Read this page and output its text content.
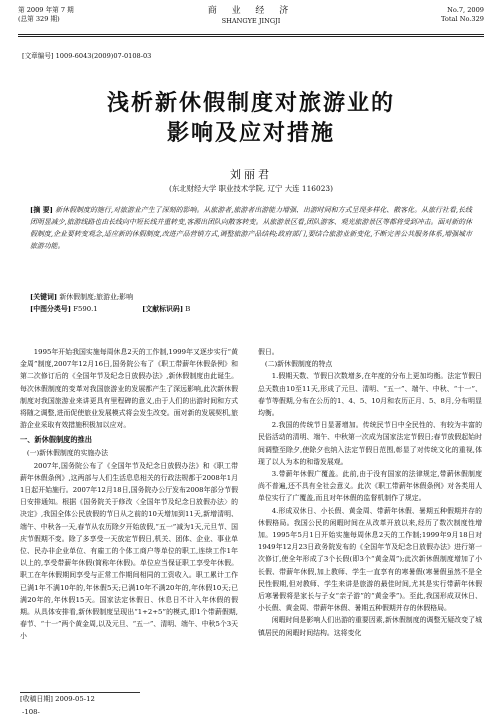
第 2009 年第 7 期
(总第 329 期)
商 业 经 济
SHANGYE JINGJI
No.7, 2009
Total No.329
[文章编号] 1009-6043(2009)07-0108-03
浅析新休假制度对旅游业的
影响及应对措施
刘丽君
(东北财经大学 职业技术学院, 辽宁 大连 116023)
[摘 要] 新休假制度的施行,对旅游业产生了深刻的影响。从旅游者,旅游者出游能力增强、出游时间和方式呈现多样化、散客化。从旅行社看,长线团明显减少,旅游线路也由长线向中短长线并重转变,客源出团队向散客转变。从旅游景区看,团队游客、观光旅游景区等都将受到冲击。面对新的休假制度,企业要转变观念,适应新的休假制度,改进产品营销方式,调整旅游产品结构;政府部门,要结合旅游业新变化,不断完善公共服务体系,增强城市旅游功能。
[关键词] 新休假制度;旅游业;影响
[中图分类号] F590.1	[文献标识码] B

1995年开始我国实施每周休息2天的工作制,1999年又逐步实行“黄金周”制度,2007年12月16日,国务院公布了《职工带薪年休假条例》和第二次修订后的《全国年节及纪念日放假办法》,新休假制度由此诞生。每次休假制度的变革对我国旅游业的发展都产生了深远影响,此次新休假制度对我国旅游业来讲更具有里程碑的意义,由于人们的出游时间和方式将随之调整,进而促使旅业发展模式将会发生改变。面对新的发展契机,旅游企业采取有效措施积极加以应对。

一、新休假制度的推出
(一)新休假制度的实施办法

2007年,国务院公布了《全国年节及纪念日放假办法》和《职工带薪年休假条例》,这两部与人们生活息息相关的行政法规都于2008年1月1日起开始施行。2007年12月18日,国务院办公厅发布2008年部分节假日安排通知。根据《国务院关于修改〈全国年节及纪念日放假办法〉的决定》,我国全体公民放假的节日从之前的10天增加到11天,新增清明、端午、中秋各一天,春节从农历除夕开始放假,“五一”减为1天,元旦节、国庆节假期不变。除了多享受一天放定节假日,机关、团体、企业、事业单位、民办非企业单位、有雇工的个体工商户等单位的职工,连续工作1年以上的,享受带薪年休假(简称年休假)。单位应当保证职工享受年休假。职工在年休假期间享受与正常工作期间相同的工资收入。职工累计工作已满1年不满10年的,年休假5天;已满10年不满20年的,年休假10天;已满20年的,年休假15天。国家法定休假日、休息日不计入年休假的假期。从具体安排看,新休假制度呈现出“1+2+5”的模式,即1个带薪假期,春节、“十一”两个黄金周,以及元旦、“五一”、清明、端午、中秋5个3天小

[收稿日期] 2009-05-12
-108-

假日。

(二)新休假制度的特点

1.假期天数、节假日次数增多,在年度的分布上更加均衡。法定节假日总天数由10至11天,形成了元旦、清明、“五一”、端午、中秋、“十一”、春节等假期,分布在公历的1、4、5、10月和农历正月、5、8月,分布明显均衡。

2.我国的传统节日显著增加。传统民节日中全民性的、有较为丰富的民俗活动的清明、端午、中秋第一次成为国家法定节假日;春节放假起始时间调整至除夕,使除夕也纳入法定节假日范围,彰显了对传统文化的重视,体现了以人为本的和谐发展观。

3.带薪年休假广覆盖。此前,由于没有国家的法律规定,带薪休假制度尚不普遍,还不具有全社会意义。此次《职工带薪年休假条例》对各类用人单位实行了广覆盖,而且对年休假的监督机制作了规定。

4.形成双休日、小长假、黄金周、带薪年休假、暑期五种假期并存的休假格局。我国公民的闲暇时间在从改革开放以来,经历了数次制度性增加。1995年5月1日开始实施每周休息2天的工作制;1999年9月18日对1949年12月23日政务院发布的《全国年节及纪念日放假办法》进行第一次修订,使全年形成了3个长假(即3个“黄金周”);此次新休假制度增加了小长假、带薪年休假,加上教师、学生一直享有的寒暑假(寒暑假虽然不是全民性假期,但对教师、学生来讲是旅游的最佳时间,尤其是实行带薪年休假后寒暑假将是家长与子女“亲子游”的“黄金季”)。至此,我国形成双休日、小长假、黄金周、带薪年休假、暑期五种假期并存的休假格局。

闲暇时间是影响人们出游的重要因素,新休假制度的调整无疑改变了城镇居民的闲暇时间结构。这将变化
